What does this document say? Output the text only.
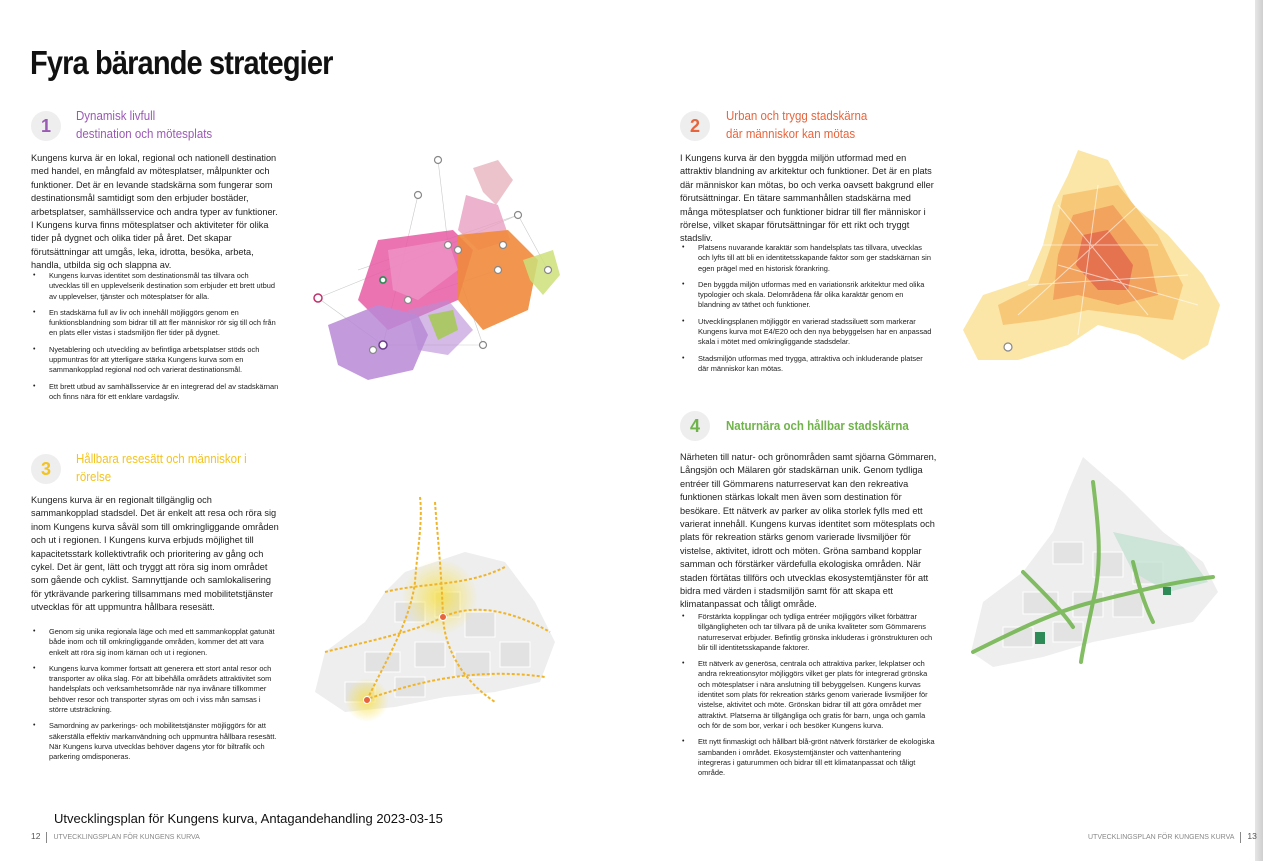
Fyra bärande strategier
1	Dynamisk livfull
destination och mötesplats
Kungens kurva är en lokal, regional och nationell destination med handel, en mångfald av mötesplatser, målpunkter och funktioner. Det är en levande stadskärna som fungerar som destinationsmål samtidigt som den erbjuder bostäder, arbetsplatser, samhällsservice och andra typer av funktioner. I Kungens kurva finns mötesplatser och aktiviteter för olika tider på dygnet och olika tider på året. Det skapar förutsättningar att umgås, leka, idrotta, besöka, arbeta, handla, utbilda sig och slappna av.
• Kungens kurvas identitet som destinationsmål tas tillvara och utvecklas till en upplevelserik destination som erbjuder ett brett utbud av upplevelser, tjänster och mötesplatser för alla.
• En stadskärna full av liv och innehåll möjliggörs genom en funktionsblandning som bidrar till att fler människor rör sig till och från en plats eller vistas i stadsmiljön fler tider på dygnet.
• Nyetablering och utveckling av befintliga arbetsplatser stöds och uppmuntras för att ytterligare stärka Kungens kurva som en sammankopplad regional nod och varierat destinationsmål.
• Ett brett utbud av samhällsservice är en integrerad del av stadskärnan och finns nära för ett enklare vardagsliv.
2	Urban och trygg stadskärna
där människor kan mötas
I Kungens kurva är den byggda miljön utformad med en attraktiv blandning av arkitektur och funktioner. Det är en plats där människor kan mötas, bo och verka oavsett bakgrund eller förutsättningar. En tätare sammanhållen stadskärna med många mötesplatser och funktioner bidrar till fler människor i rörelse, vilket skapar förutsättningar för ett rikt och tryggt stadsliv.
• Platsens nuvarande karaktär som handelsplats tas tillvara, utvecklas och lyfts till att bli en identitetsskapande faktor som ger stadskärnan sin egen prägel med en historisk förankring.
• Den byggda miljön utformas med en variationsrik arkitektur med olika typologier och skala. Delområdena får olika karaktär genom en blandning av täthet och funktioner.
• Utvecklingsplanen möjliggör en varierad stadssiluett som markerar Kungens kurva mot E4/E20 och den nya bebyggelsen har en anpassad skala i mötet med omkringliggande stadsdelar.
• Stadsmiljön utformas med trygga, attraktiva och inkluderande platser där människor kan mötas.
3	Hållbara resesätt och människor i
rörelse
Kungens kurva är en regionalt tillgänglig och sammankopplad stadsdel. Det är enkelt att resa och röra sig inom Kungens kurva såväl som till omkringliggande områden och ut i regionen. I Kungens kurva erbjuds möjlighet till kapacitetsstark kollektivtrafik och prioritering av gång och cykel. Det är gent, lätt och tryggt att röra sig inom området som gående och cyklist. Samnyttjande och samlokalisering för ytkrävande parkering tillsammans med mobilitetstjänster utvecklas för att uppmuntra hållbara resesätt.
• Genom sig unika regionala läge och med ett sammankopplat gatunät både inom och till omkringliggande områden, kommer det att vara enkelt att röra sig inom kärnan och ut i regionen.
• Kungens kurva kommer fortsatt att generera ett stort antal resor och transporter av olika slag. För att bibehålla områdets attraktivitet som handelsplats och verksamhetsområde när nya invånare tillkommer behöver resor och transporter styras om och i viss mån samsas i större utsträckning.
• Samordning av parkerings- och mobilitetstjänster möjliggörs för att säkerställa effektiv markanvändning och uppmuntra hållbara resesätt. När Kungens kurva utvecklas behöver dagens ytor för biltrafik och parkering omdisponeras.
4	Naturnära och hållbar stadskärna
Närheten till natur- och grönområden samt sjöarna Gömmaren, Långsjön och Mälaren gör stadskärnan unik. Genom tydliga entréer till Gömmarens naturreservat kan den rekreativa funktionen stärkas lokalt men även som destination för besökare. Ett nätverk av parker av olika storlek fylls med ett varierat innehåll. Kungens kurvas identitet som mötesplats och plats för rekreation stärks genom varierade livsmiljöer för vistelse, aktivitet, idrott och möten. Gröna samband kopplar samman och förstärker värdefulla ekologiska områden. När staden förtätas tillförs och utvecklas ekosystemtjänster för att bidra med värden i stadsmiljön samt för att skapa ett klimatanpassat och tåligt område.
• Förstärkta kopplingar och tydliga entréer möjliggörs vilket förbättrar tillgängligheten och tar tillvara på de unika kvaliteter som Gömmarens naturreservat erbjuder. Befintlig grönska inkluderas i grönstrukturen och blir till identitetsskapande faktorer.
• Ett nätverk av generösa, centrala och attraktiva parker, lekplatser och andra rekreationsytor möjliggörs vilket ger plats för integrerad grönska och mötesplatser i nära anslutning till bebyggelsen. Kungens kurvas identitet som plats för rekreation stärks genom varierade livsmiljöer för vistelse, aktivitet och möte. Grönskan bidrar till att göra området mer attraktivt. Platserna är tillgängliga och gratis för barn, unga och gamla och för de som bor, verkar i och besöker Kungens kurva.
• Ett nytt finmaskigt och hållbart blå-grönt nätverk förstärker de ekologiska sambanden i området. Ekosystemtjänster och vattenhantering integreras i gaturummen och bidrar till ett klimatanpassat och tåligt område.
Utvecklingsplan för Kungens kurva, Antagandehandling 2023-03-15
12 UTVECKLINGSPLAN FÖR KUNGENS KURVA	UTVECKLINGSPLAN FÖR KUNGENS KURVA 13
